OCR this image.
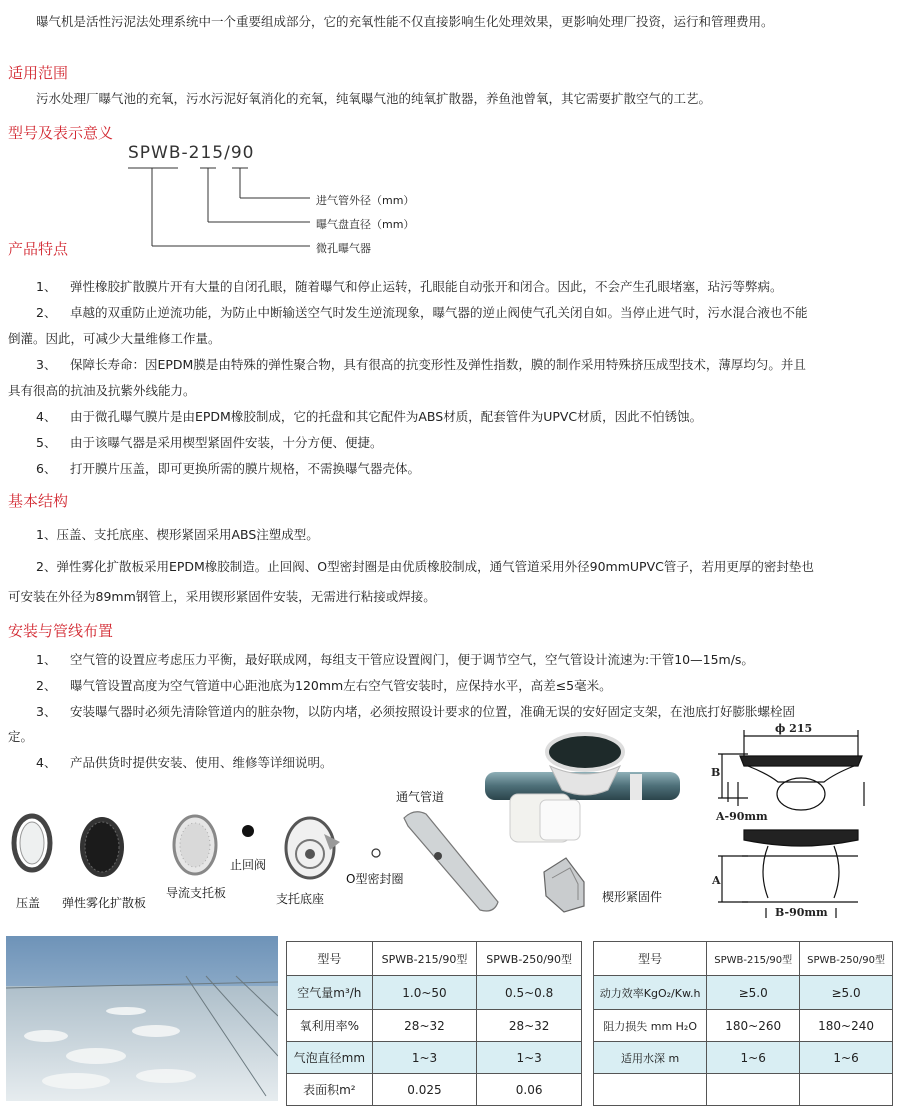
曝气机是活性污泥法处理系统中一个重要组成部分，它的充氧性能不仅直接影响生化处理效果，更影响处理厂投资，运行和管理费用。
适用范围
污水处理厂曝气池的充氧，污水污泥好氧消化的充氧，纯氧曝气池的纯氧扩散器，养鱼池曾氧，其它需要扩散空气的工艺。
型号及表示意义
SPWB-215/90
进气管外径（mm）
曝气盘直径（mm）
微孔曝气器
产品特点
1、 弹性橡胶扩散膜片开有大量的自闭孔眼，随着曝气和停止运转，孔眼能自动张开和闭合。因此，不会产生孔眼堵塞，玷污等弊病。
2、 卓越的双重防止逆流功能，为防止中断输送空气时发生逆流现象，曝气器的逆止阀使气孔关闭自如。当停止进气时，污水混合液也不能
倒灌。因此，可减少大量维修工作量。
3、 保障长寿命：因EPDM膜是由特殊的弹性聚合物，具有很高的抗变形性及弹性指数，膜的制作采用特殊挤压成型技术，薄厚均匀。并且
具有很高的抗油及抗紫外线能力。
4、 由于微孔曝气膜片是由EPDM橡胶制成，它的托盘和其它配件为ABS材质，配套管件为UPVC材质，因此不怕锈蚀。
5、 由于该曝气器是采用楔型紧固件安装，十分方便、便捷。
6、 打开膜片压盖，即可更换所需的膜片规格，不需换曝气器壳体。
基本结构
1、压盖、支托底座、楔形紧固采用ABS注塑成型。
2、弹性雾化扩散板采用EPDM橡胶制造。止回阀、O型密封圈是由优质橡胶制成，通气管道采用外径90mmUPVC管子，若用更厚的密封垫也
可安装在外径为89mm钢管上，采用锲形紧固件安装，无需进行粘接或焊接。
安装与管线布置
1、 空气管的设置应考虑压力平衡，最好联成网，每组支干管应设置阀门，便于调节空气，空气管设计流速为:干管10—15m/s。
2、 曝气管设置高度为空气管道中心距池底为120mm左右空气管安装时，应保持水平，高差≤5毫米。
3、 安装曝气器时必须先清除管道内的脏杂物，以防内堵，必须按照设计要求的位置，准确无误的安好固定支架，在池底打好膨胀螺栓固
定。
4、 产品供货时提供安装、使用、维修等详细说明。
ϕ 215
B
A-90mm
A
B-90mm
压盖 弹性雾化扩散板
导流支托板
止回阀
支托底座
O型密封圈
通气管道
楔形紧固件
型号	SPWB-215/90型	SPWB-250/90型
空气量m³/h	1.0~50	0.5~0.8
氧利用率%	28~32	28~32
气泡直径mm	1~3	1~3
表面积m²	0.025	0.06
型号	SPWB-215/90型	SPWB-250/90型
动力效率KgO₂/Kw.h	≥5.0	≥5.0
阻力损失 mm H₂O	180~260	180~240
适用水深 m	1~6	1~6
